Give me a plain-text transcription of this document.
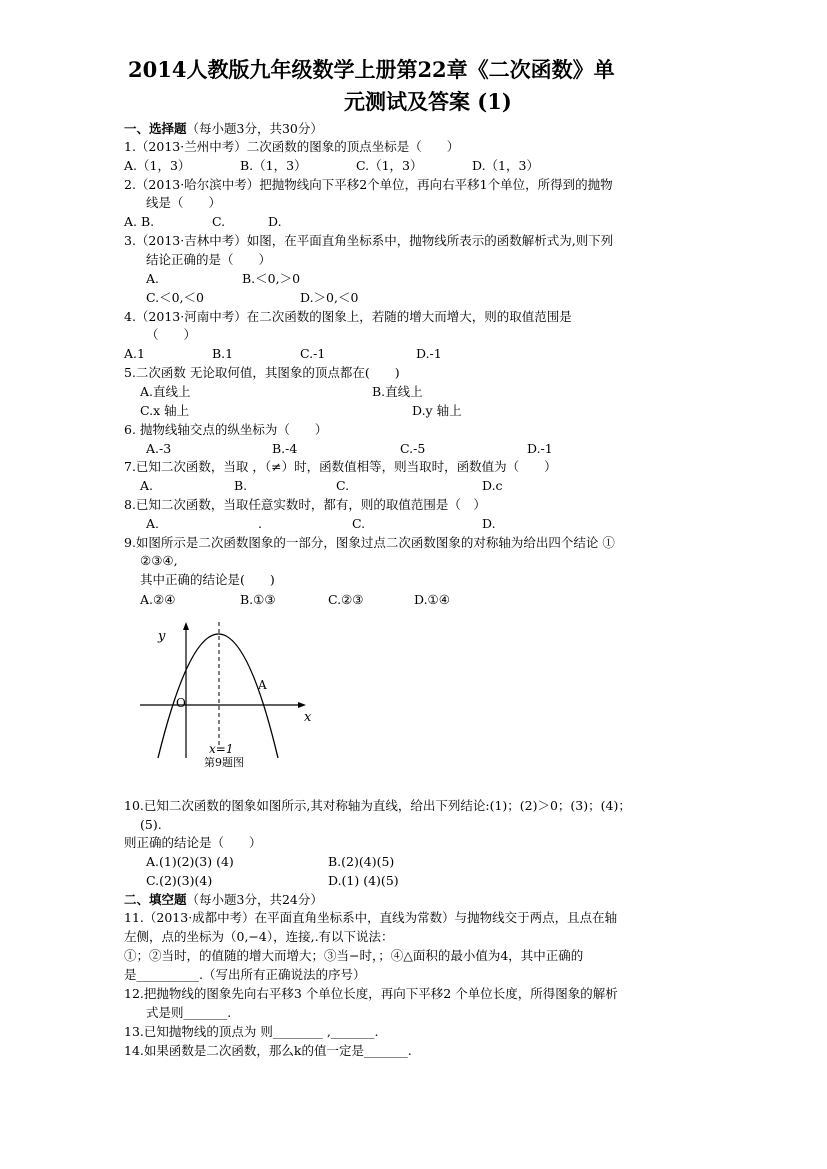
2014人教版九年级数学上册第22章《二次函数》单
元测试及答案 (1)
一、选择题（每小题3分，共30分）
1.（2013·兰州中考）二次函数的图象的顶点坐标是（　　）
A.（1，3）	B.（1，3）	C.（1，3）	D.（1，3）
2.（2013·哈尔滨中考）把抛物线向下平移2个单位，再向右平移1个单位，所得到的抛物
线是（　　）
A. B.	C.	D.
3.（2013·吉林中考）如图，在平面直角坐标系中，抛物线所表示的函数解析式为,则下列
结论正确的是（　　）
A.	B.＜0,＞0
C.＜0,＜0	D.＞0,＜0
4.（2013·河南中考）在二次函数的图象上，若随的增大而增大，则的取值范围是
（　　）
A.1	B.1	C.-1	D.-1
5.二次函数 无论取何值，其图象的顶点都在(　　)
A.直线上	B.直线上
C.x 轴上	D.y 轴上
6. 抛物线轴交点的纵坐标为（　　）
A.-3	B.-4	C.-5	D.-1
7.已知二次函数，当取 ，（≠）时，函数值相等，则当取时，函数值为（　　）
A.	B.	C.	D.c
8.已知二次函数，当取任意实数时，都有，则的取值范围是（　）
A.	.	C.	D.
9.如图所示是二次函数图象的一部分，图象过点二次函数图象的对称轴为给出四个结论 ①
②③④,
其中正确的结论是(　　)
A.②④	B.①③	C.②③	D.①④
y
x
O
A
x=1
第9题图
10.已知二次函数的图象如图所示,其对称轴为直线，给出下列结论:(1)；(2)＞0；(3)；(4)；
(5).
则正确的结论是（　　）
A.(1)(2)(3) (4)	B.(2)(4)(5)
C.(2)(3)(4)	D.(1) (4)(5)
二、填空题（每小题3分，共24分）
11.（2013·成都中考）在平面直角坐标系中，直线为常数）与抛物线交于两点，且点在轴
左侧，点的坐标为（0,−4），连接,.有以下说法：
①；②当时，的值随的增大而增大；③当−时，；④△面积的最小值为4，其中正确的
是__________.（写出所有正确说法的序号）
12.把抛物线的图象先向右平移3 个单位长度，再向下平移2 个单位长度，所得图象的解析
式是则_______.
13.已知抛物线的顶点为 则________ ,_______.
14.如果函数是二次函数，那么k的值一定是_______.
